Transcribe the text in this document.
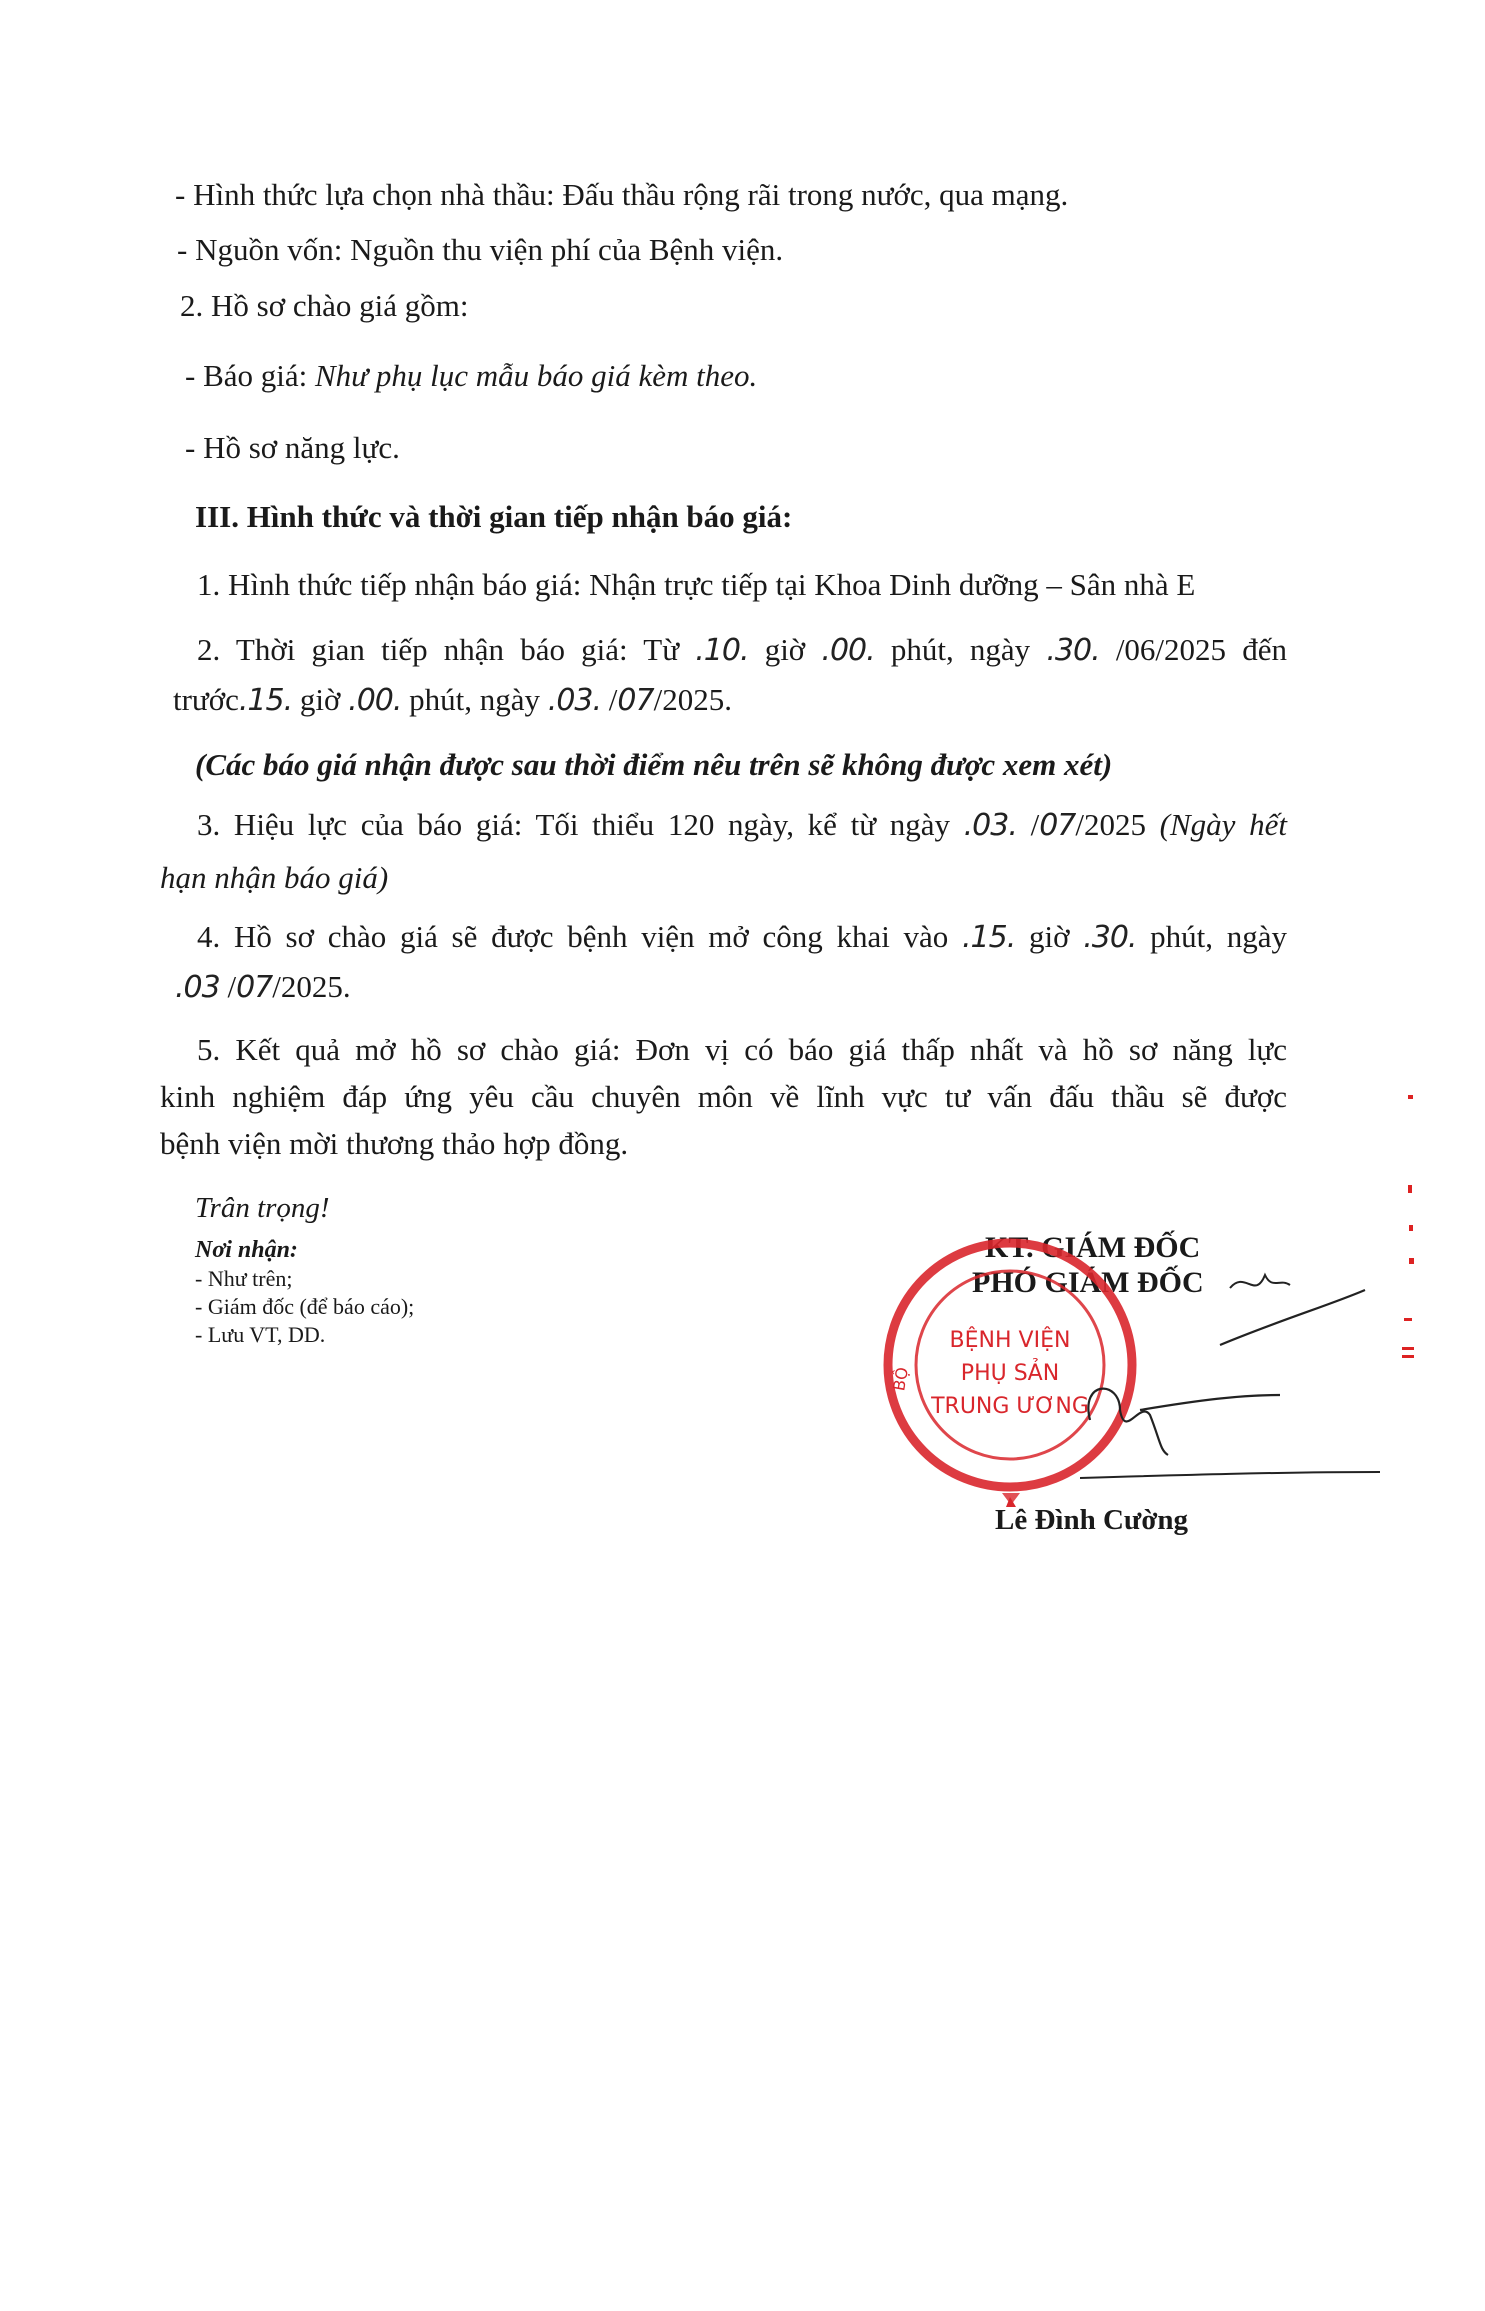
- Hình thức lựa chọn nhà thầu: Đấu thầu rộng rãi trong nước, qua mạng.
- Nguồn vốn: Nguồn thu viện phí của Bệnh viện.
2. Hồ sơ chào giá gồm:
- Báo giá: Như phụ lục mẫu báo giá kèm theo.
- Hồ sơ năng lực.
III. Hình thức và thời gian tiếp nhận báo giá:
1. Hình thức tiếp nhận báo giá: Nhận trực tiếp tại Khoa Dinh dưỡng – Sân nhà E
2. Thời gian tiếp nhận báo giá: Từ .10. giờ .00. phút, ngày .30. /06/2025 đến
trước.15. giờ .00. phút, ngày .03. /07/2025.
(Các báo giá nhận được sau thời điểm nêu trên sẽ không được xem xét)
3. Hiệu lực của báo giá: Tối thiểu 120 ngày, kể từ ngày .03. /07/2025 (Ngày hết
hạn nhận báo giá)
4. Hồ sơ chào giá sẽ được bệnh viện mở công khai vào .15. giờ .30. phút, ngày
.03 /07/2025.
5. Kết quả mở hồ sơ chào giá: Đơn vị có báo giá thấp nhất và hồ sơ năng lực
kinh nghiệm đáp ứng yêu cầu chuyên môn về lĩnh vực tư vấn đấu thầu sẽ được
bệnh viện mời thương thảo hợp đồng.
Trân trọng!
Nơi nhận:
- Như trên;
- Giám đốc (để báo cáo);
- Lưu VT, DD.
KT. GIÁM ĐỐC
PHÓ GIÁM ĐỐC
BỆNH VIỆN
PHỤ SẢN
TRUNG ƯƠNG
BỘ
Lê Đình Cường
